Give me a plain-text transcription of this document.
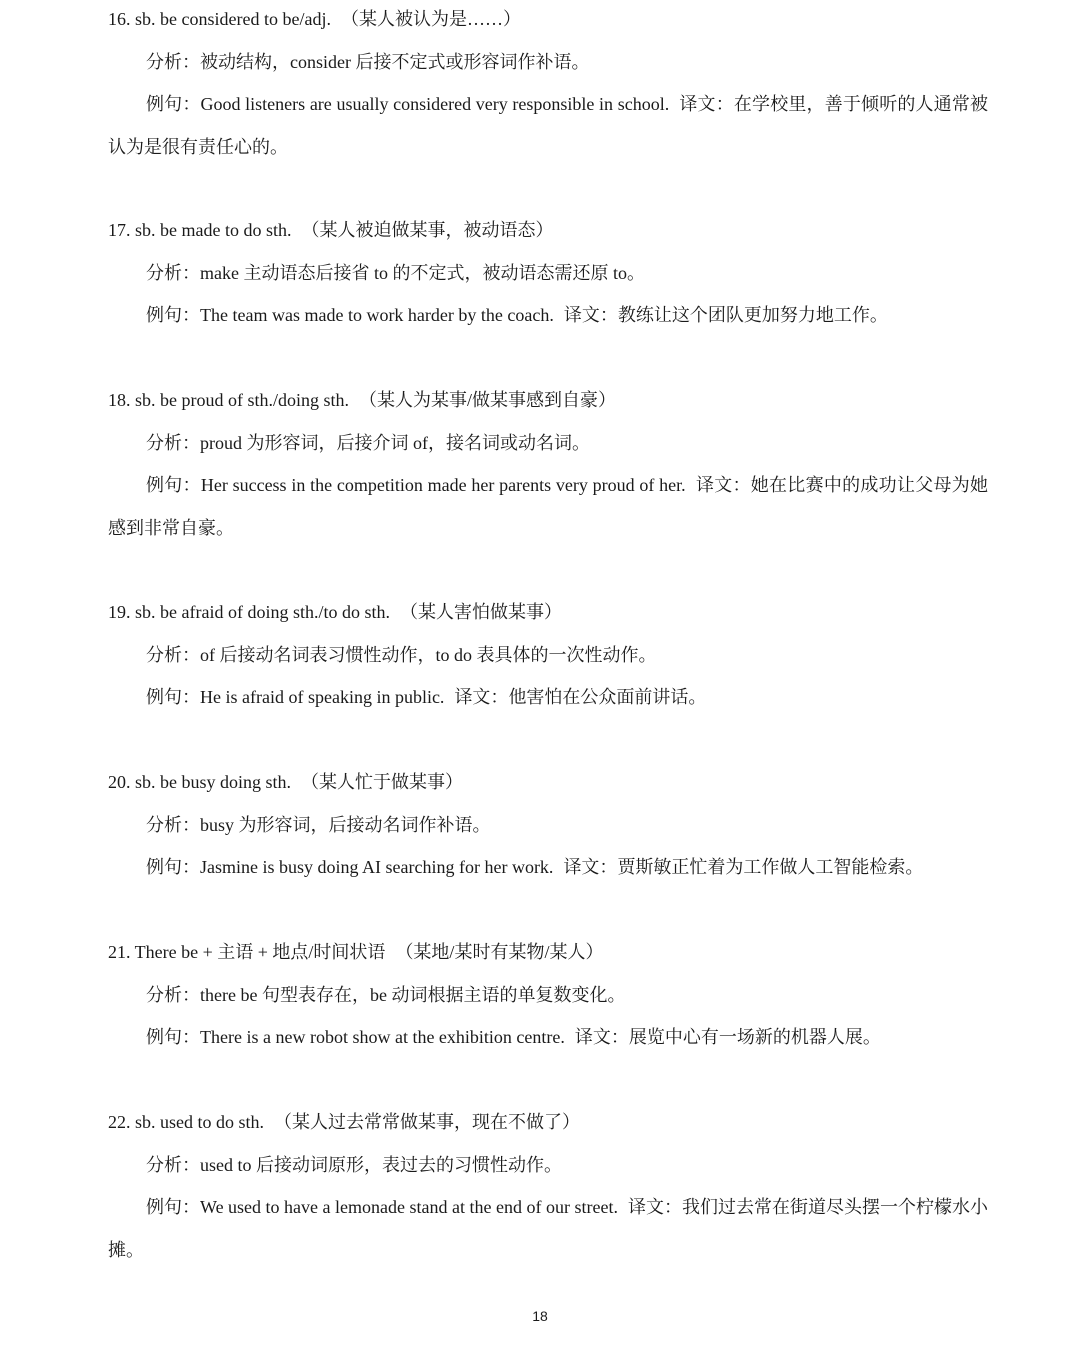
16. sb. be considered to be/adj. （某人被认为是……）
分析：被动结构，consider 后接不定式或形容词作补语。
例句：Good listeners are usually considered very responsible in school. 译文：在学校里，善于倾听的人通常被认为是很有责任心的。
17. sb. be made to do sth. （某人被迫做某事，被动语态）
分析：make 主动语态后接省 to 的不定式，被动语态需还原 to。
例句：The team was made to work harder by the coach. 译文：教练让这个团队更加努力地工作。
18. sb. be proud of sth./doing sth. （某人为某事/做某事感到自豪）
分析：proud 为形容词，后接介词 of，接名词或动名词。
例句：Her success in the competition made her parents very proud of her. 译文：她在比赛中的成功让父母为她感到非常自豪。
19. sb. be afraid of doing sth./to do sth. （某人害怕做某事）
分析：of 后接动名词表习惯性动作，to do 表具体的一次性动作。
例句：He is afraid of speaking in public. 译文：他害怕在公众面前讲话。
20. sb. be busy doing sth. （某人忙于做某事）
分析：busy 为形容词，后接动名词作补语。
例句：Jasmine is busy doing AI searching for her work. 译文：贾斯敏正忙着为工作做人工智能检索。
21. There be + 主语 + 地点/时间状语 （某地/某时有某物/某人）
分析：there be 句型表存在，be 动词根据主语的单复数变化。
例句：There is a new robot show at the exhibition centre. 译文：展览中心有一场新的机器人展。
22. sb. used to do sth. （某人过去常常做某事，现在不做了）
分析：used to 后接动词原形，表过去的习惯性动作。
例句：We used to have a lemonade stand at the end of our street. 译文：我们过去常在街道尽头摆一个柠檬水小摊。
18
